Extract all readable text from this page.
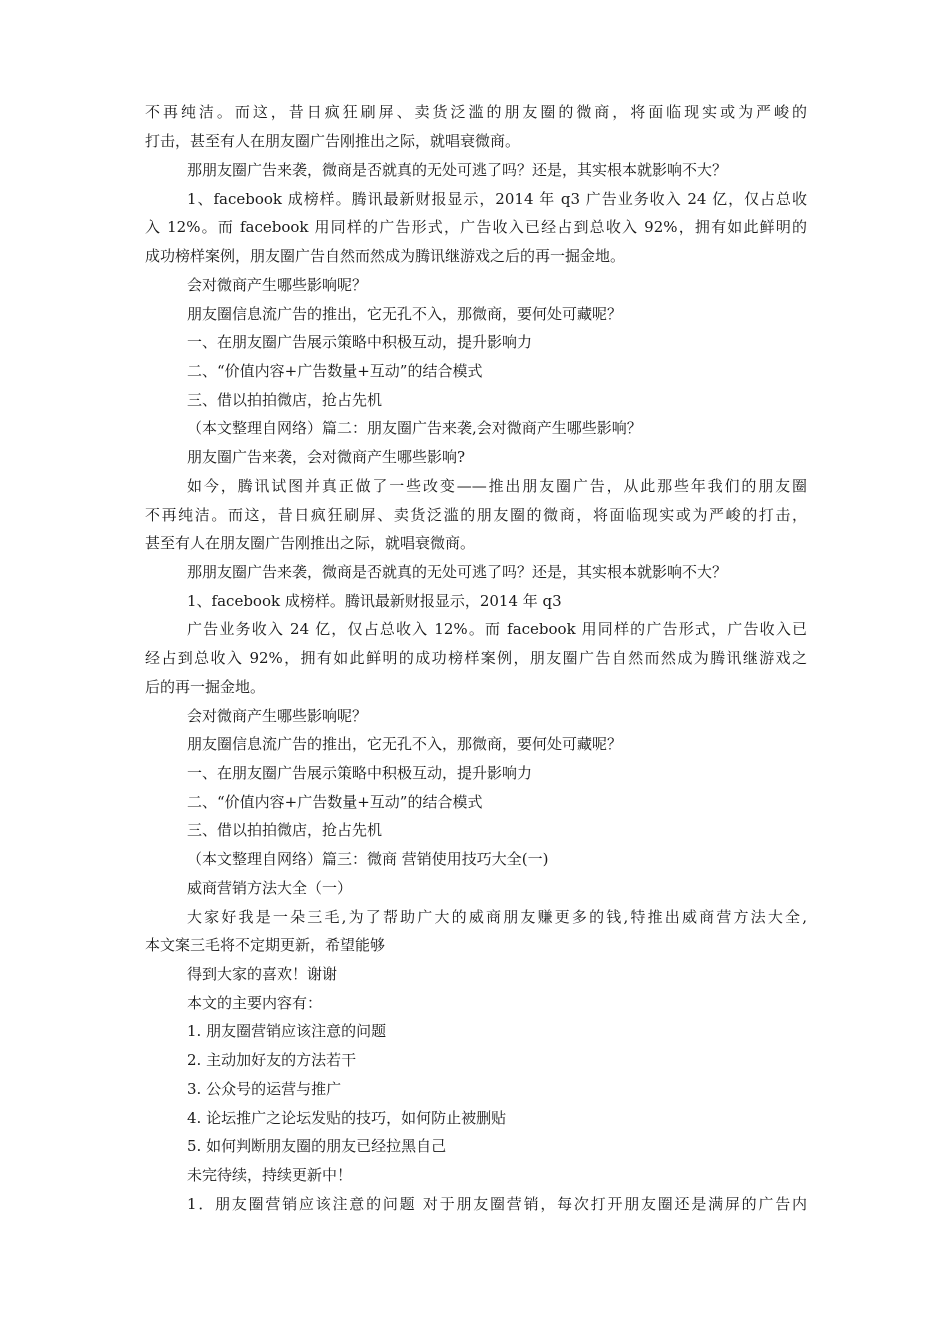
不再纯洁。而这，昔日疯狂刷屏、卖货泛滥的朋友圈的微商，将面临现实或为严峻的
打击，甚至有人在朋友圈广告刚推出之际，就唱衰微商。
那朋友圈广告来袭，微商是否就真的无处可逃了吗？还是，其实根本就影响不大？
1、facebook 成榜样。腾讯最新财报显示，2014 年 q3 广告业务收入 24 亿，仅占总收
入 12%。而 facebook 用同样的广告形式，广告收入已经占到总收入 92%，拥有如此鲜明的
成功榜样案例，朋友圈广告自然而然成为腾讯继游戏之后的再一掘金地。
会对微商产生哪些影响呢？
朋友圈信息流广告的推出，它无孔不入，那微商，要何处可藏呢？
一、在朋友圈广告展示策略中积极互动，提升影响力
二、“价值内容+广告数量+互动”的结合模式
三、借以拍拍微店，抢占先机
（本文整理自网络）篇二：朋友圈广告来袭,会对微商产生哪些影响？
朋友圈广告来袭，会对微商产生哪些影响?
如今，腾讯试图并真正做了一些改变——推出朋友圈广告，从此那些年我们的朋友圈
不再纯洁。而这，昔日疯狂刷屏、卖货泛滥的朋友圈的微商，将面临现实或为严峻的打击，
甚至有人在朋友圈广告刚推出之际，就唱衰微商。
那朋友圈广告来袭，微商是否就真的无处可逃了吗？还是，其实根本就影响不大？
1、facebook 成榜样。腾讯最新财报显示，2014 年 q3
广告业务收入 24 亿，仅占总收入 12%。而 facebook 用同样的广告形式，广告收入已
经占到总收入 92%，拥有如此鲜明的成功榜样案例，朋友圈广告自然而然成为腾讯继游戏之
后的再一掘金地。
会对微商产生哪些影响呢？
朋友圈信息流广告的推出，它无孔不入，那微商，要何处可藏呢？
一、在朋友圈广告展示策略中积极互动，提升影响力
二、“价值内容+广告数量+互动”的结合模式
三、借以拍拍微店，抢占先机
（本文整理自网络）篇三：微商 营销使用技巧大全(一)
威商营销方法大全（一）
大家好我是一朵三毛,为了帮助广大的威商朋友赚更多的钱,特推出威商营方法大全,
本文案三毛将不定期更新，希望能够
得到大家的喜欢！谢谢
本文的主要内容有：
1. 朋友圈营销应该注意的问题
2. 主动加好友的方法若干
3. 公众号的运营与推广
4. 论坛推广之论坛发贴的技巧，如何防止被删贴
5. 如何判断朋友圈的朋友已经拉黑自己
未完待续，持续更新中！
1．朋友圈营销应该注意的问题 对于朋友圈营销，每次打开朋友圈还是满屏的广告内
